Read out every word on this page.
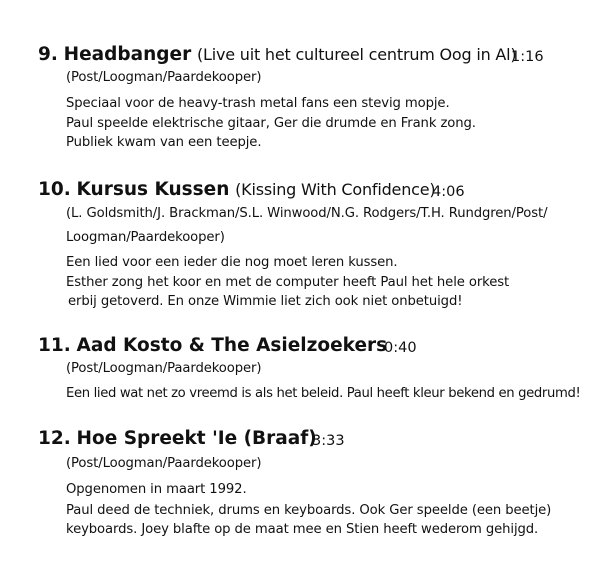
9. Headbanger (Live uit het cultureel centrum Oog in Al)
1:16
(Post/Loogman/Paardekooper)
Speciaal voor de heavy-trash metal fans een stevig mopje.
Paul speelde elektrische gitaar, Ger die drumde en Frank zong.
Publiek kwam van een teepje.
10. Kursus Kussen (Kissing With Confidence)
4:06
(L. Goldsmith/J. Brackman/S.L. Winwood/N.G. Rodgers/T.H. Rundgren/Post/
Loogman/Paardekooper)
Een lied voor een ieder die nog moet leren kussen.
Esther zong het koor en met de computer heeft Paul het hele orkest
erbij getoverd. En onze Wimmie liet zich ook niet onbetuigd!
11. Aad Kosto & The Asielzoekers
0:40
(Post/Loogman/Paardekooper)
Een lied wat net zo vreemd is als het beleid. Paul heeft kleur bekend en gedrumd!
12. Hoe Spreekt 'Ie (Braaf)
3:33
(Post/Loogman/Paardekooper)
Opgenomen in maart 1992.
Paul deed de techniek, drums en keyboards. Ook Ger speelde (een beetje)
keyboards. Joey blafte op de maat mee en Stien heeft wederom gehijgd.
